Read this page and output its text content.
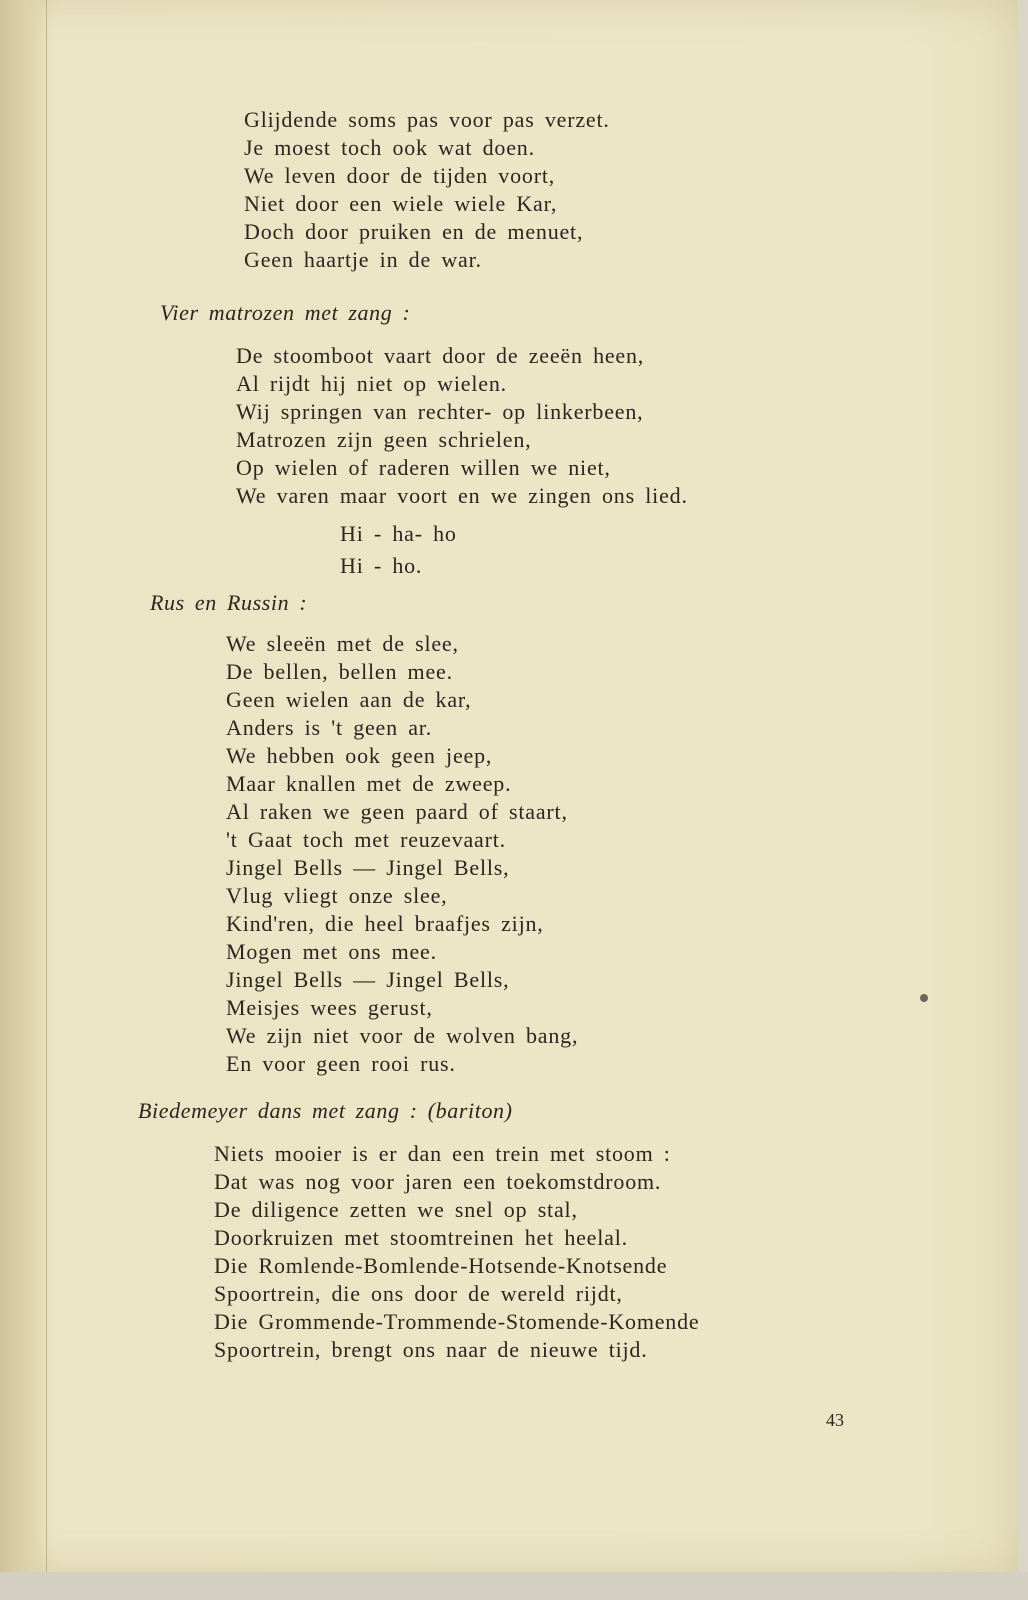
Glijdende soms pas voor pas verzet.
Je moest toch ook wat doen.
We leven door de tijden voort,
Niet door een wiele wiele Kar,
Doch door pruiken en de menuet,
Geen haartje in de war.

Vier matrozen met zang :

De stoomboot vaart door de zeeën heen,
Al rijdt hij niet op wielen.
Wij springen van rechter- op linkerbeen,
Matrozen zijn geen schrielen,
Op wielen of raderen willen we niet,
We varen maar voort en we zingen ons lied.
Hi - ha- ho
Hi - ho.

Rus en Russin :

We sleeën met de slee,
De bellen, bellen mee.
Geen wielen aan de kar,
Anders is 't geen ar.
We hebben ook geen jeep,
Maar knallen met de zweep.
Al raken we geen paard of staart,
't Gaat toch met reuzevaart.
Jingel Bells — Jingel Bells,
Vlug vliegt onze slee,
Kind'ren, die heel braafjes zijn,
Mogen met ons mee.
Jingel Bells — Jingel Bells,
Meisjes wees gerust,
We zijn niet voor de wolven bang,
En voor geen rooi rus.

Biedemeyer dans met zang : (bariton)

Niets mooier is er dan een trein met stoom :
Dat was nog voor jaren een toekomstdroom.
De diligence zetten we snel op stal,
Doorkruizen met stoomtreinen het heelal.
Die Romlende-Bomlende-Hotsende-Knotsende
Spoortrein, die ons door de wereld rijdt,
Die Grommende-Trommende-Stomende-Komende
Spoortrein, brengt ons naar de nieuwe tijd.
43
